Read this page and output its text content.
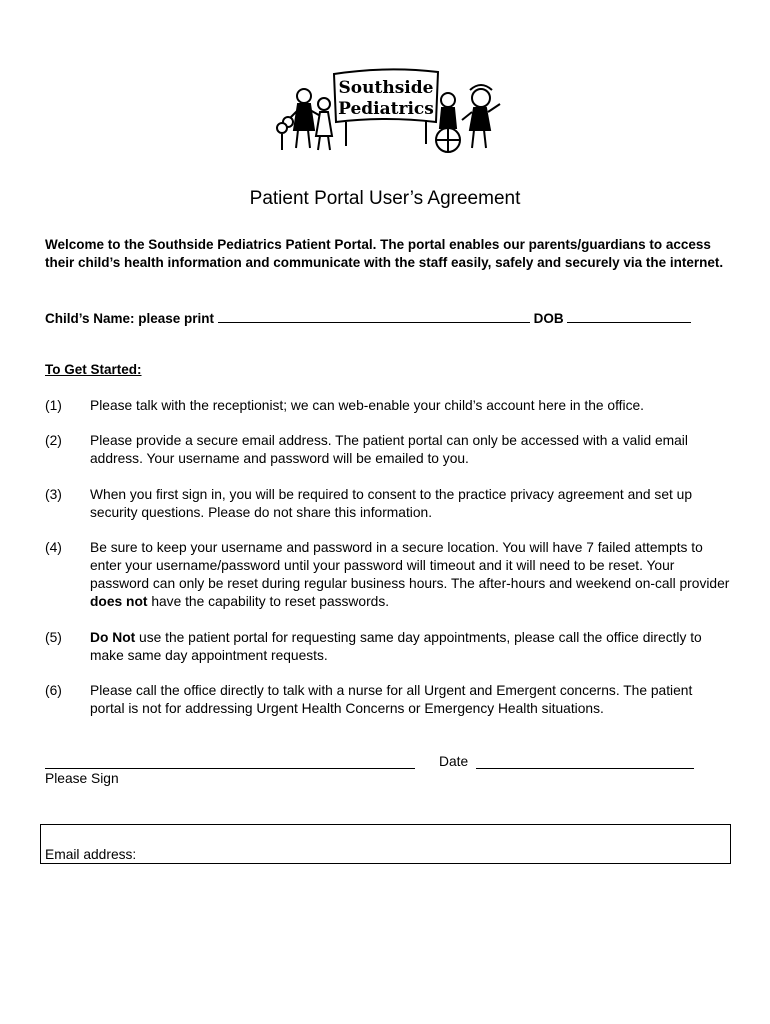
Southside
Pediatrics
Patient Portal User’s Agreement
Welcome to the Southside Pediatrics Patient Portal. The portal enables our parents/guardians to access their child’s health information and communicate with the staff easily, safely and securely via the internet.
Child’s Name: please print	DOB
To Get Started:
(1) Please talk with the receptionist; we can web-enable your child’s account here in the office.
(2) Please provide a secure email address. The patient portal can only be accessed with a valid email address. Your username and password will be emailed to you.
(3) When you first sign in, you will be required to consent to the practice privacy agreement and set up security questions. Please do not share this information.
(4) Be sure to keep your username and password in a secure location. You will have 7 failed attempts to enter your username/password until your password will timeout and it will need to be reset. Your password can only be reset during regular business hours. The after-hours and weekend on-call provider does not have the capability to reset passwords.
(5) Do Not use the patient portal for requesting same day appointments, please call the office directly to make same day appointment requests.
(6) Please call the office directly to talk with a nurse for all Urgent and Emergent concerns. The patient portal is not for addressing Urgent Health Concerns or Emergency Health situations.
Please Sign
Date
Email address:
